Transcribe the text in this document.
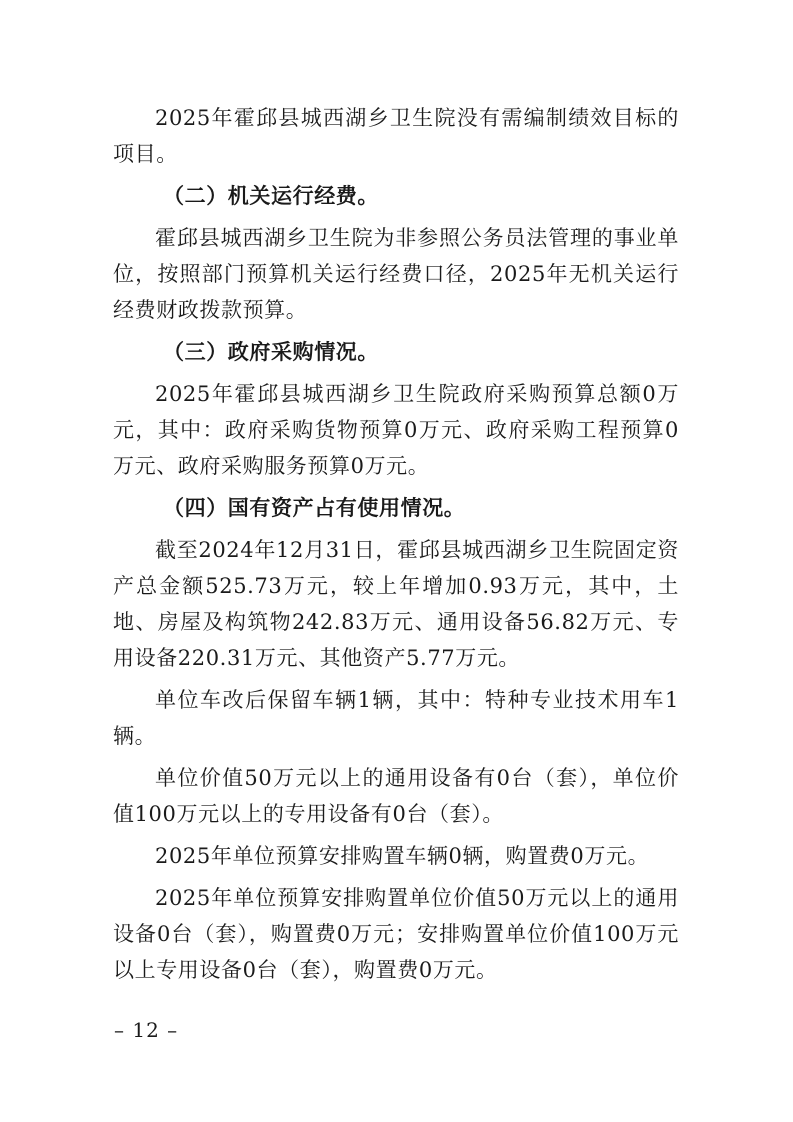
2025年霍邱县城西湖乡卫生院没有需编制绩效目标的项目。

（二）机关运行经费。

霍邱县城西湖乡卫生院为非参照公务员法管理的事业单位，按照部门预算机关运行经费口径，2025年无机关运行经费财政拨款预算。

（三）政府采购情况。

2025年霍邱县城西湖乡卫生院政府采购预算总额0万元，其中：政府采购货物预算0万元、政府采购工程预算0万元、政府采购服务预算0万元。

（四）国有资产占有使用情况。

截至2024年12月31日，霍邱县城西湖乡卫生院固定资产总金额525.73万元，较上年增加0.93万元，其中，土地、房屋及构筑物242.83万元、通用设备56.82万元、专用设备220.31万元、其他资产5.77万元。

单位车改后保留车辆1辆，其中：特种专业技术用车1辆。

单位价值50万元以上的通用设备有0台（套），单位价值100万元以上的专用设备有0台（套）。

2025年单位预算安排购置车辆0辆，购置费0万元。

2025年单位预算安排购置单位价值50万元以上的通用设备0台（套），购置费0万元；安排购置单位价值100万元以上专用设备0台（套），购置费0万元。

– 12 –
